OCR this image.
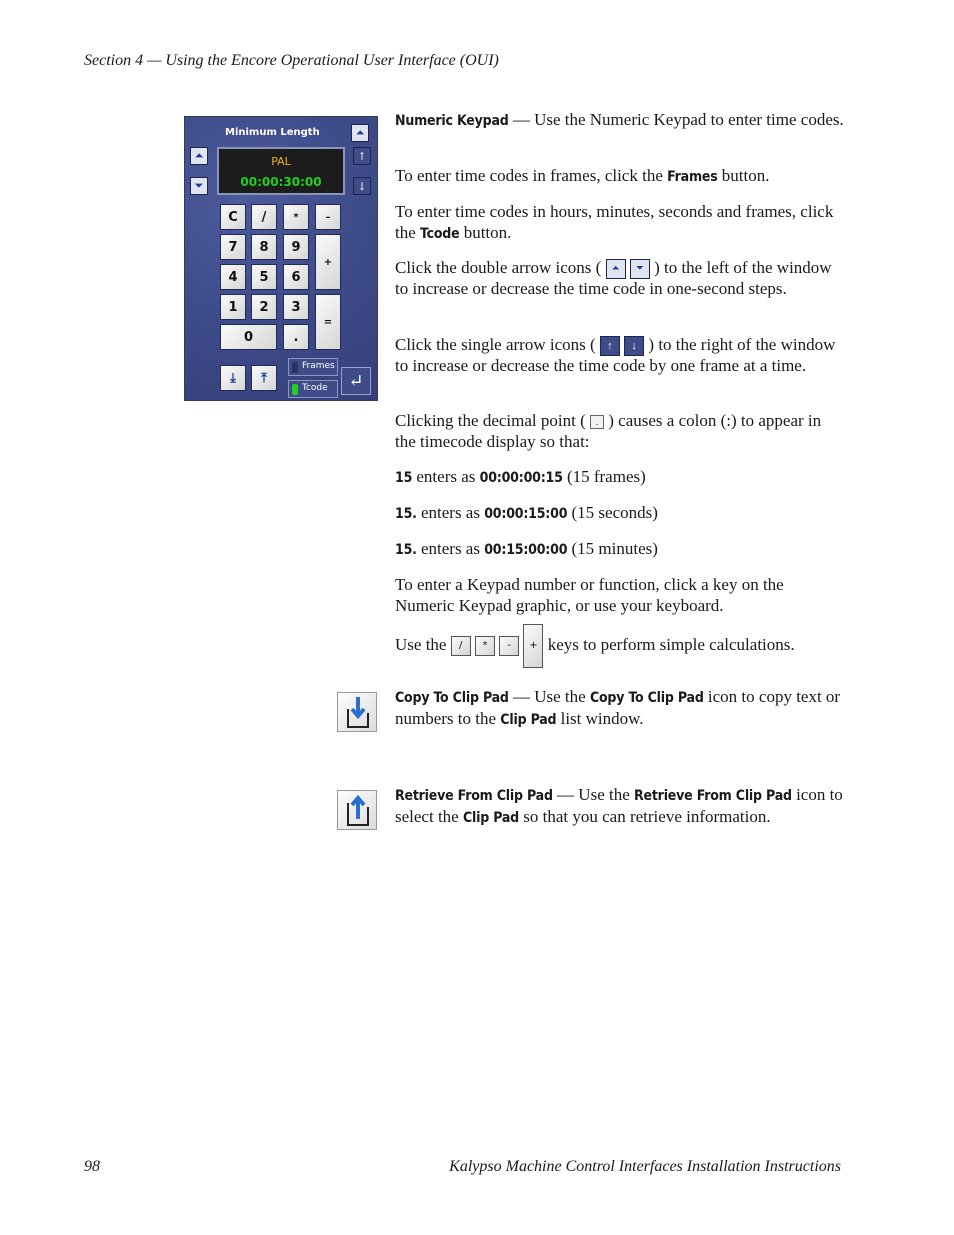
Section 4 — Using the Encore Operational User Interface (OUI)
Minimum Length	⏶
⏶
⏷
↑
↓
PAL
00:00:30:00
C	/	*	–
7	8	9
+
4	5	6
1	2	3
=
0	.
⤓	⤒
Frames
Tcode	↵
Numeric Keypad — Use the Numeric Keypad to enter time codes.
To enter time codes in frames, click the Frames button.
To enter time codes in hours, minutes, seconds and frames, click the Tcode button.
Click the double arrow icons ( ⏶ ⏷ ) to the left of the window to increase or decrease the time code in one-second steps.
Click the single arrow icons ( ↑ ↓ ) to the right of the window to increase or decrease the time code by one frame at a time.
Clicking the decimal point ( . ) causes a colon (:) to appear in the timecode display so that:
15 enters as 00:00:00:15 (15 frames)
15. enters as 00:00:15:00 (15 seconds)
15. enters as 00:15:00:00 (15 minutes)
To enter a Keypad number or function, click a key on the Numeric Keypad graphic, or use your keyboard.
Use the / * - + keys to perform simple calculations.
Copy To Clip Pad — Use the Copy To Clip Pad icon to copy text or numbers to the Clip Pad list window.
Retrieve From Clip Pad — Use the Retrieve From Clip Pad icon to select the Clip Pad so that you can retrieve information.
98	Kalypso Machine Control Interfaces Installation Instructions
